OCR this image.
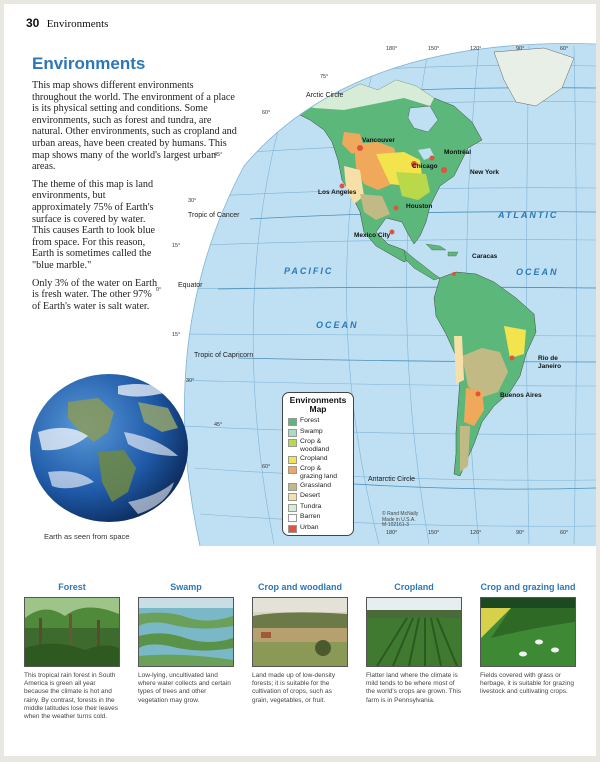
30 Environments
180°	150°	120°	90°	60°
180°	150°	120°	90°	60°
75°
60°
45°
30°
15°
0°
15°
30°
45°
60°
Arctic Circle
Tropic of Cancer
Equator
Tropic of Capricorn
Antarctic Circle
ATLANTIC
OCEAN
PACIFIC
OCEAN
Vancouver
Montréal
Chicago
New York
Los Angeles
Houston
Mexico City
Caracas
Rio de
Janeiro
Buenos Aires
© Rand McNally
Made in U.S.A.
M-102161-3
Environments
Map
Forest
Swamp
Crop &
woodland
Cropland
Crop &
grazing land
Grassland
Desert
Tundra
Barren
Urban
Environments

This map shows different environments throughout the world. The environment of a place is its physical setting and conditions. Some environments, such as forest and tundra, are natural. Other environments, such as cropland and urban areas, have been created by humans. This map shows many of the world's largest urban areas.

The theme of this map is land environments, but approximately 75% of Earth's surface is covered by water. This causes Earth to look blue from space. For this reason, Earth is sometimes called the "blue marble."

Only 3% of the water on Earth is fresh water. The other 97% of Earth's water is salt water.

Earth as seen from space
Forest
This tropical rain forest in South America is green all year because the climate is hot and rainy. By contrast, forests in the middle latitudes lose their leaves when the weather turns cold.
Swamp
Low-lying, uncultivated land where water collects and certain types of trees and other vegetation may grow.
Crop and woodland
Land made up of low-density forests; it is suitable for the cultivation of crops, such as grain, vegetables, or fruit.
Cropland
Flatter land where the climate is mild tends to be where most of the world's crops are grown. This farm is in Pennsylvania.
Crop and grazing land
Fields covered with grass or herbage, it is suitable for grazing livestock and cultivating crops.
